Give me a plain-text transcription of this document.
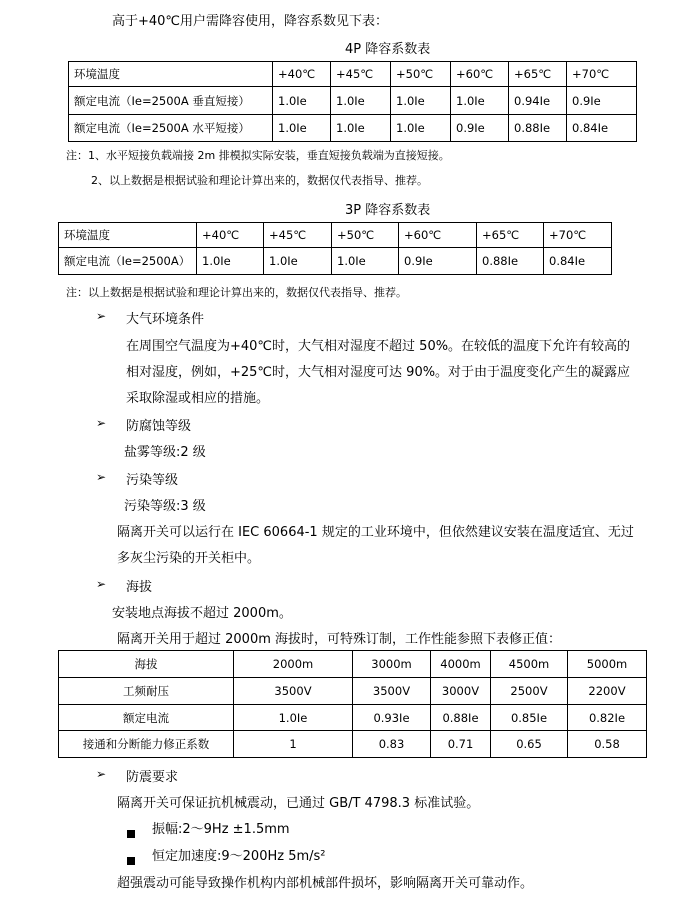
高于+40℃用户需降容使用，降容系数见下表：
4P 降容系数表
环境温度	+40℃	+45℃	+50℃	+60℃	+65℃	+70℃
额定电流（Ie=2500A 垂直短接）	1.0Ie	1.0Ie	1.0Ie	1.0Ie	0.94Ie	0.9Ie
额定电流（Ie=2500A 水平短接）	1.0Ie	1.0Ie	1.0Ie	0.9Ie	0.88Ie	0.84Ie
注：1、水平短接负载端接 2m 排模拟实际安装，垂直短接负载端为直接短接。
2、以上数据是根据试验和理论计算出来的，数据仅代表指导、推荐。
3P 降容系数表
环境温度	+40℃	+45℃	+50℃	+60℃	+65℃	+70℃
额定电流（Ie=2500A）	1.0Ie	1.0Ie	1.0Ie	0.9Ie	0.88Ie	0.84Ie
注：以上数据是根据试验和理论计算出来的，数据仅代表指导、推荐。
➢ 大气环境条件
在周围空气温度为+40℃时，大气相对湿度不超过 50%。在较低的温度下允许有较高的
相对湿度，例如，+25℃时，大气相对湿度可达 90%。对于由于温度变化产生的凝露应
采取除湿或相应的措施。
➢ 防腐蚀等级
盐雾等级:2 级
➢ 污染等级
污染等级:3 级
隔离开关可以运行在 IEC 60664-1 规定的工业环境中，但依然建议安装在温度适宜、无过
多灰尘污染的开关柜中。
➢ 海拔
安装地点海拔不超过 2000m。
隔离开关用于超过 2000m 海拔时，可特殊订制，工作性能参照下表修正值：
海拔	2000m	3000m	4000m	4500m	5000m
工频耐压	3500V	3500V	3000V	2500V	2200V
额定电流	1.0Ie	0.93Ie	0.88Ie	0.85Ie	0.82Ie
接通和分断能力修正系数	1	0.83	0.71	0.65	0.58
➢ 防震要求
隔离开关可保证抗机械震动，已通过 GB/T 4798.3 标准试验。
振幅:2～9Hz ±1.5mm
恒定加速度:9～200Hz 5m/s²
超强震动可能导致操作机构内部机械部件损坏，影响隔离开关可靠动作。
